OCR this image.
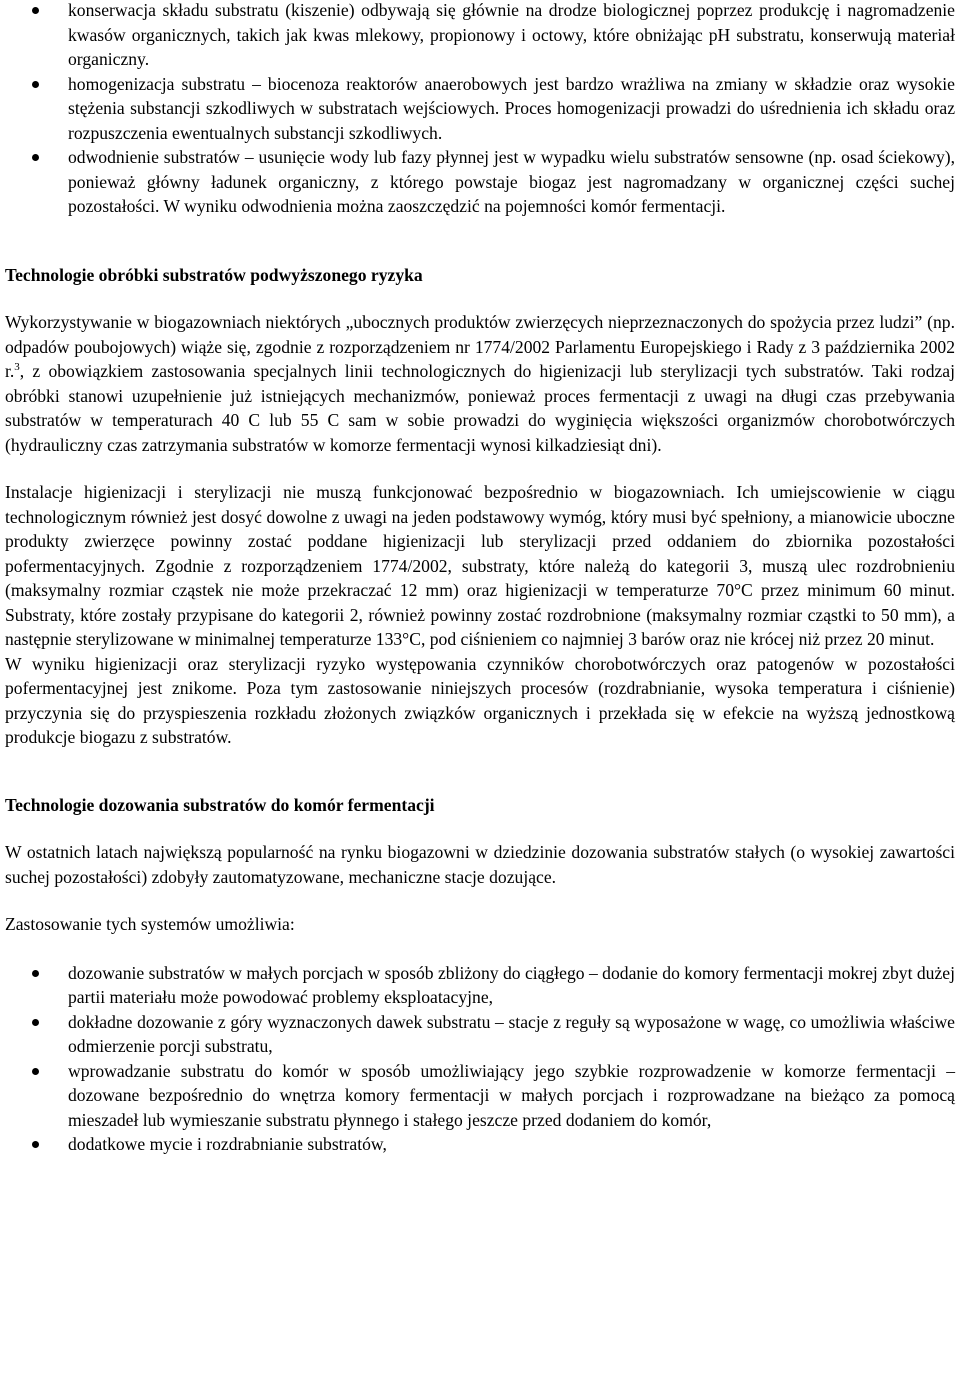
konserwacja składu substratu (kiszenie) odbywają się głównie na drodze biologicznej poprzez produkcję i nagromadzenie kwasów organicznych, takich jak kwas mlekowy, propionowy i octowy, które obniżając pH substratu, konserwują materiał organiczny.
homogenizacja substratu – biocenoza reaktorów anaerobowych jest bardzo wrażliwa na zmiany w składzie oraz wysokie stężenia substancji szkodliwych w substratach wejściowych. Proces homogenizacji prowadzi do uśrednienia ich składu oraz rozpuszczenia ewentualnych substancji szkodliwych.
odwodnienie substratów – usunięcie wody lub fazy płynnej jest w wypadku wielu substratów sensowne (np. osad ściekowy), ponieważ główny ładunek organiczny, z którego powstaje biogaz jest nagromadzany w organicznej części suchej pozostałości. W wyniku odwodnienia można zaoszczędzić na pojemności komór fermentacji.
Technologie obróbki substratów podwyższonego ryzyka

Wykorzystywanie w biogazowniach niektórych „ubocznych produktów zwierzęcych nieprzeznaczonych do spożycia przez ludzi” (np. odpadów poubojowych) wiąże się, zgodnie z rozporządzeniem nr 1774/2002 Parlamentu Europejskiego i Rady z 3 października 2002 r.$^3$, z obowiązkiem zastosowania specjalnych linii technologicznych do higienizacji lub sterylizacji tych substratów. Taki rodzaj obróbki stanowi uzupełnienie już istniejących mechanizmów, ponieważ proces fermentacji z uwagi na długi czas przebywania substratów w temperaturach 40 C lub 55 C sam w sobie prowadzi do wyginięcia większości organizmów chorobotwórczych (hydrauliczny czas zatrzymania substratów w komorze fermentacji wynosi kilkadziesiąt dni).

Instalacje higienizacji i sterylizacji nie muszą funkcjonować bezpośrednio w biogazowniach. Ich umiejscowienie w ciągu technologicznym również jest dosyć dowolne z uwagi na jeden podstawowy wymóg, który musi być spełniony, a mianowicie uboczne produkty zwierzęce powinny zostać poddane higienizacji lub sterylizacji przed oddaniem do zbiornika pozostałości pofermentacyjnych. Zgodnie z rozporządzeniem 1774/2002, substraty, które należą do kategorii 3, muszą ulec rozdrobnieniu (maksymalny rozmiar cząstek nie może przekraczać 12 mm) oraz higienizacji w temperaturze 70°C przez minimum 60 minut. Substraty, które zostały przypisane do kategorii 2, również powinny zostać rozdrobnione (maksymalny rozmiar cząstki to 50 mm), a następnie sterylizowane w minimalnej temperaturze 133°C, pod ciśnieniem co najmniej 3 barów oraz nie krócej niż przez 20 minut.

W wyniku higienizacji oraz sterylizacji ryzyko występowania czynników chorobotwórczych oraz patogenów w pozostałości pofermentacyjnej jest znikome. Poza tym zastosowanie niniejszych procesów (rozdrabnianie, wysoka temperatura i ciśnienie) przyczynia się do przyspieszenia rozkładu złożonych związków organicznych i przekłada się w efekcie na wyższą jednostkową produkcje biogazu z substratów.

Technologie dozowania substratów do komór fermentacji

W ostatnich latach największą popularność na rynku biogazowni w dziedzinie dozowania substratów stałych (o wysokiej zawartości suchej pozostałości) zdobyły zautomatyzowane, mechaniczne stacje dozujące.

Zastosowanie tych systemów umożliwia:

dozowanie substratów w małych porcjach w sposób zbliżony do ciągłego – dodanie do komory fermentacji mokrej zbyt dużej partii materiału może powodować problemy eksploatacyjne,
dokładne dozowanie z góry wyznaczonych dawek substratu – stacje z reguły są wyposażone w wagę, co umożliwia właściwe odmierzenie porcji substratu,
wprowadzanie substratu do komór w sposób umożliwiający jego szybkie rozprowadzenie w komorze fermentacji – dozowane bezpośrednio do wnętrza komory fermentacji w małych porcjach i rozprowadzane na bieżąco za pomocą mieszadeł lub wymieszanie substratu płynnego i stałego jeszcze przed dodaniem do komór,
dodatkowe mycie i rozdrabnianie substratów,
